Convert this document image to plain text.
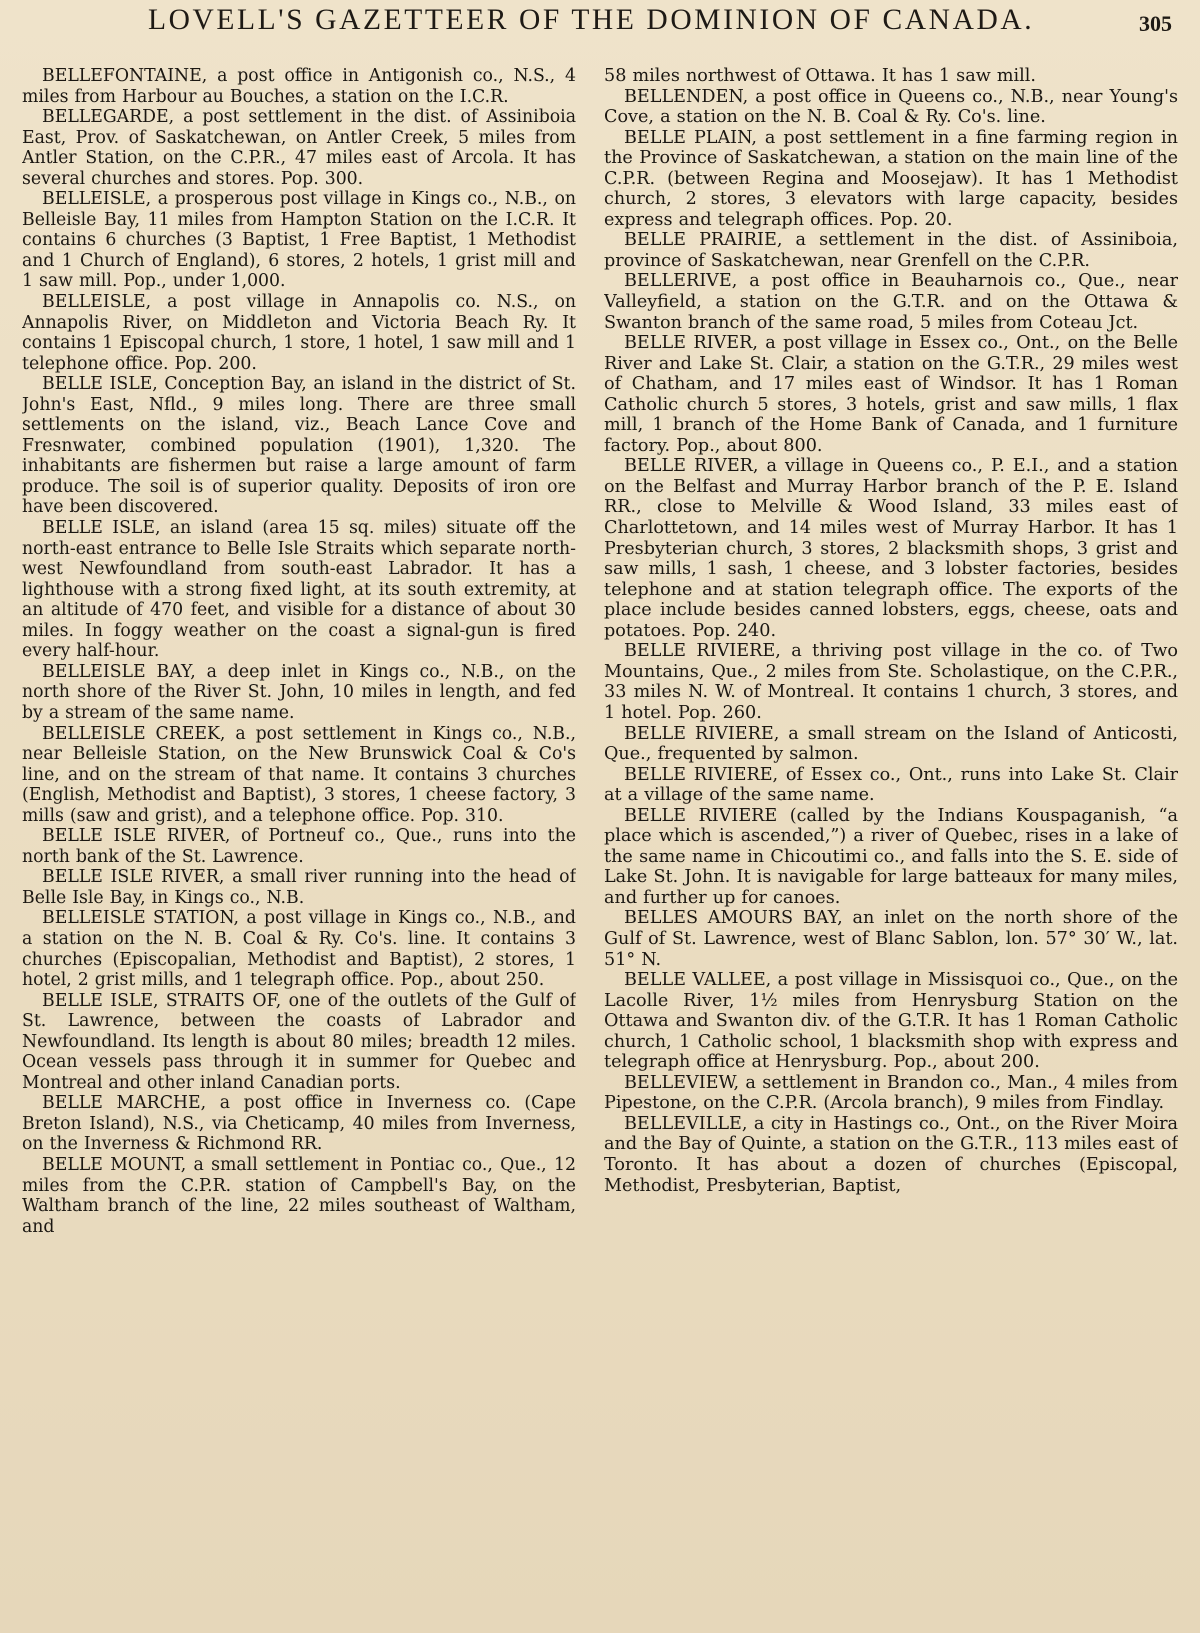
LOVELL'S GAZETTEER OF THE DOMINION OF CANADA.	305

BELLEFONTAINE, a post office in Antigonish co., N.S., 4 miles from Harbour au Bouches, a station on the I.C.R.

BELLEGARDE, a post settlement in the dist. of Assiniboia East, Prov. of Saskatchewan, on Antler Creek, 5 miles from Antler Station, on the C.P.R., 47 miles east of Arcola. It has several churches and stores. Pop. 300.

BELLEISLE, a prosperous post village in Kings co., N.B., on Belleisle Bay, 11 miles from Hampton Station on the I.C.R. It contains 6 churches (3 Baptist, 1 Free Baptist, 1 Methodist and 1 Church of England), 6 stores, 2 hotels, 1 grist mill and 1 saw mill. Pop., under 1,000.

BELLEISLE, a post village in Annapolis co. N.S., on Annapolis River, on Middleton and Victoria Beach Ry. It contains 1 Episcopal church, 1 store, 1 hotel, 1 saw mill and 1 telephone office. Pop. 200.

BELLE ISLE, Conception Bay, an island in the district of St. John's East, Nfld., 9 miles long. There are three small settlements on the island, viz., Beach Lance Cove and Fresnwater, combined population (1901), 1,320. The inhabitants are fishermen but raise a large amount of farm produce. The soil is of superior quality. Deposits of iron ore have been discovered.

BELLE ISLE, an island (area 15 sq. miles) situate off the north-east entrance to Belle Isle Straits which separate north-west Newfoundland from south-east Labrador. It has a lighthouse with a strong fixed light, at its south extremity, at an altitude of 470 feet, and visible for a distance of about 30 miles. In foggy weather on the coast a signal-gun is fired every half-hour.

BELLEISLE BAY, a deep inlet in Kings co., N.B., on the north shore of the River St. John, 10 miles in length, and fed by a stream of the same name.

BELLEISLE CREEK, a post settlement in Kings co., N.B., near Belleisle Station, on the New Brunswick Coal & Co's line, and on the stream of that name. It contains 3 churches (English, Methodist and Baptist), 3 stores, 1 cheese factory, 3 mills (saw and grist), and a telephone office. Pop. 310.

BELLE ISLE RIVER, of Portneuf co., Que., runs into the north bank of the St. Lawrence.

BELLE ISLE RIVER, a small river running into the head of Belle Isle Bay, in Kings co., N.B.

BELLEISLE STATION, a post village in Kings co., N.B., and a station on the N. B. Coal & Ry. Co's. line. It contains 3 churches (Episcopalian, Methodist and Baptist), 2 stores, 1 hotel, 2 grist mills, and 1 telegraph office. Pop., about 250.

BELLE ISLE, STRAITS OF, one of the outlets of the Gulf of St. Lawrence, between the coasts of Labrador and Newfoundland. Its length is about 80 miles; breadth 12 miles. Ocean vessels pass through it in summer for Quebec and Montreal and other inland Canadian ports.

BELLE MARCHE, a post office in Inverness co. (Cape Breton Island), N.S., via Cheticamp, 40 miles from Inverness, on the Inverness & Richmond RR.

BELLE MOUNT, a small settlement in Pontiac co., Que., 12 miles from the C.P.R. station of Campbell's Bay, on the Waltham branch of the line, 22 miles southeast of Waltham, and

58 miles northwest of Ottawa. It has 1 saw mill.

BELLENDEN, a post office in Queens co., N.B., near Young's Cove, a station on the N. B. Coal & Ry. Co's. line.

BELLE PLAIN, a post settlement in a fine farming region in the Province of Saskatchewan, a station on the main line of the C.P.R. (between Regina and Moosejaw). It has 1 Methodist church, 2 stores, 3 elevators with large capacity, besides express and telegraph offices. Pop. 20.

BELLE PRAIRIE, a settlement in the dist. of Assiniboia, province of Saskatchewan, near Grenfell on the C.P.R.

BELLERIVE, a post office in Beauharnois co., Que., near Valleyfield, a station on the G.T.R. and on the Ottawa & Swanton branch of the same road, 5 miles from Coteau Jct.

BELLE RIVER, a post village in Essex co., Ont., on the Belle River and Lake St. Clair, a station on the G.T.R., 29 miles west of Chatham, and 17 miles east of Windsor. It has 1 Roman Catholic church 5 stores, 3 hotels, grist and saw mills, 1 flax mill, 1 branch of the Home Bank of Canada, and 1 furniture factory. Pop., about 800.

BELLE RIVER, a village in Queens co., P. E.I., and a station on the Belfast and Murray Harbor branch of the P. E. Island RR., close to Melville & Wood Island, 33 miles east of Charlottetown, and 14 miles west of Murray Harbor. It has 1 Presbyterian church, 3 stores, 2 blacksmith shops, 3 grist and saw mills, 1 sash, 1 cheese, and 3 lobster factories, besides telephone and at station telegraph office. The exports of the place include besides canned lobsters, eggs, cheese, oats and potatoes. Pop. 240.

BELLE RIVIERE, a thriving post village in the co. of Two Mountains, Que., 2 miles from Ste. Scholastique, on the C.P.R., 33 miles N. W. of Montreal. It contains 1 church, 3 stores, and 1 hotel. Pop. 260.

BELLE RIVIERE, a small stream on the Island of Anticosti, Que., frequented by salmon.

BELLE RIVIERE, of Essex co., Ont., runs into Lake St. Clair at a village of the same name.

BELLE RIVIERE (called by the Indians Kouspaganish, “a place which is ascended,”) a river of Quebec, rises in a lake of the same name in Chicoutimi co., and falls into the S. E. side of Lake St. John. It is navigable for large batteaux for many miles, and further up for canoes.

BELLES AMOURS BAY, an inlet on the north shore of the Gulf of St. Lawrence, west of Blanc Sablon, lon. 57° 30′ W., lat. 51° N.

BELLE VALLEE, a post village in Missisquoi co., Que., on the Lacolle River, 1½ miles from Henrysburg Station on the Ottawa and Swanton div. of the G.T.R. It has 1 Roman Catholic church, 1 Catholic school, 1 blacksmith shop with express and telegraph office at Henrysburg. Pop., about 200.

BELLEVIEW, a settlement in Brandon co., Man., 4 miles from Pipestone, on the C.P.R. (Arcola branch), 9 miles from Findlay.

BELLEVILLE, a city in Hastings co., Ont., on the River Moira and the Bay of Quinte, a station on the G.T.R., 113 miles east of Toronto. It has about a dozen of churches (Episcopal, Methodist, Presbyterian, Baptist,
